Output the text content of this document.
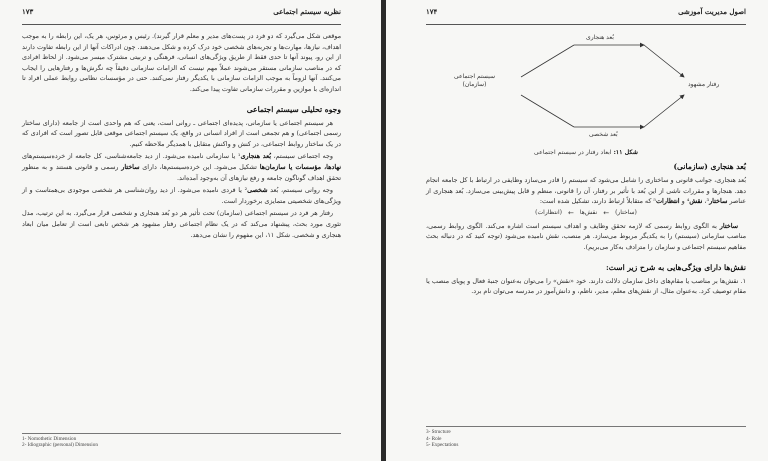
نظریه سیستم اجتماعی
۱۷۳

موقعی شکل می‌گیرد که دو فرد در پست‌های مدیر و معلم قرار گیرند). رئیس و مرئوس، هر یک، این رابطه را به موجب اهداف، نیازها، مهارت‌ها و تجربه‌های شخصی خود درک کرده و شکل می‌دهند. چون ادراکات آنها از این رابطه تفاوت دارند از این رو، پیوند آنها تا حدی فقط از طریق ویژگی‌های انسانی، فرهنگی و تربیتی مشترک میسر می‌شود. از لحاظ افرادی که در مناصب سازمانی مستقر می‌شوند عملاً مهم نیست که الزامات سازمانی دقیقاً چه نگرش‌ها و رفتارهایی را ایجاب می‌کنند. آنها لزوماً به موجب الزامات سازمانی با یکدیگر رفتار نمی‌کنند. حتی در مؤسسات نظامی روابط عملی افراد تا اندازه‌ای با موازین و مقررات سازمانی تفاوت پیدا می‌کند.

وجوه تحلیلی سیستم اجتماعی

هر سیستم اجتماعی یا سازمانی، پدیده‌ای اجتماعی ـ روانی است، یعنی که هم واحدی است از جامعه (دارای ساختار رسمی اجتماعی) و هم تجمعی است از افراد انسانی در واقع، یک سیستم اجتماعی موقعی قابل تصور است که افرادی که در یک ساختار روابط اجتماعی، در کنش و واکنش متقابل با همدیگر ملاحظه کنیم.

وجه اجتماعی سیستم، بُعد هنجاری¹ یا سازمانی نامیده می‌شود. از دید جامعه‌شناسی، کل جامعه از خرده‌سیستم‌های نهادها، مؤسسات یا سازمان‌ها تشکیل می‌شود. این خرده‌سیستم‌ها، دارای ساختار رسمی و قانونی هستند و به منظور تحقق اهداف گوناگون جامعه و رفع نیازهای آن به‌وجود آمده‌اند.

وجه روانی سیستم، بُعد شخصی² یا فردی نامیده می‌شود. از دید روان‌شناسی هر شخصی موجودی بی‌همتاست و از ویژگی‌های شخصیتی متمایزی برخوردار است.

رفتار هر فرد در سیستم اجتماعی (سازمان) تحت تأثیر هر دو بُعد هنجاری و شخصی قرار می‌گیرد. به این ترتیب، مدل تئوری مورد بحث، پیشنهاد می‌کند که در یک نظام اجتماعی رفتار مشهود هر شخص تابعی است از تعامل میان ابعاد هنجاری و شخصی. شکل ۱۱، این مفهوم را نشان می‌دهد.

1- Nomothetic Dimension
2- Idiographic (personal) Dimension
اصول مدیریت آموزشی
۱۷۴
بُعد هنجاری
بُعد شخصی
سیستم اجتماعی
(سازمان)	رفتار مشهود
شکل ۱۱: ابعاد رفتار در سیستم اجتماعی
بُعد هنجاری (سازمانی)

بُعد هنجاری، جوانب قانونی و ساختاری را شامل می‌شود که سیستم را قادر می‌سازد وظایفی در ارتباط با کل جامعه انجام دهد. هنجارها و مقررات ناشی از این بُعد با تأثیر بر رفتار، آن را قانونی، منظم و قابل پیش‌بینی می‌سازد. بُعد هنجاری از عناصر ساختار³، نقش⁴ و انتظارات⁵ که متقابلاً ارتباط دارند، تشکیل شده است:

(ساختار)
←
نقش‌ها
←
(انتظارات)

ساختار به الگوی روابط رسمی که لازمه تحقق وظایف و اهداف سیستم است اشاره می‌کند. الگوی روابط رسمی، مناصب سازمانی (سیستم) را به یکدیگر مربوط می‌سازد. هر منصب، نقش نامیده می‌شود (توجه کنید که در دنباله بحث مفاهیم سیستم اجتماعی و سازمان را مترادف به‌کار می‌بریم).

نقش‌ها دارای ویژگی‌هایی به شرح زیر است:

۱. نقش‌ها بر مناصب یا مقام‌های داخل سازمان دلالت دارند. خود «نقش» را می‌توان به‌عنوان جنبهٔ فعال و پویای منصب یا مقام توصیف کرد. به‌عنوان مثال، از نقش‌های معلم، مدیر، ناظم، و دانش‌آموز در مدرسه می‌توان نام برد.

3- Structure
4- Role
5- Expectations
